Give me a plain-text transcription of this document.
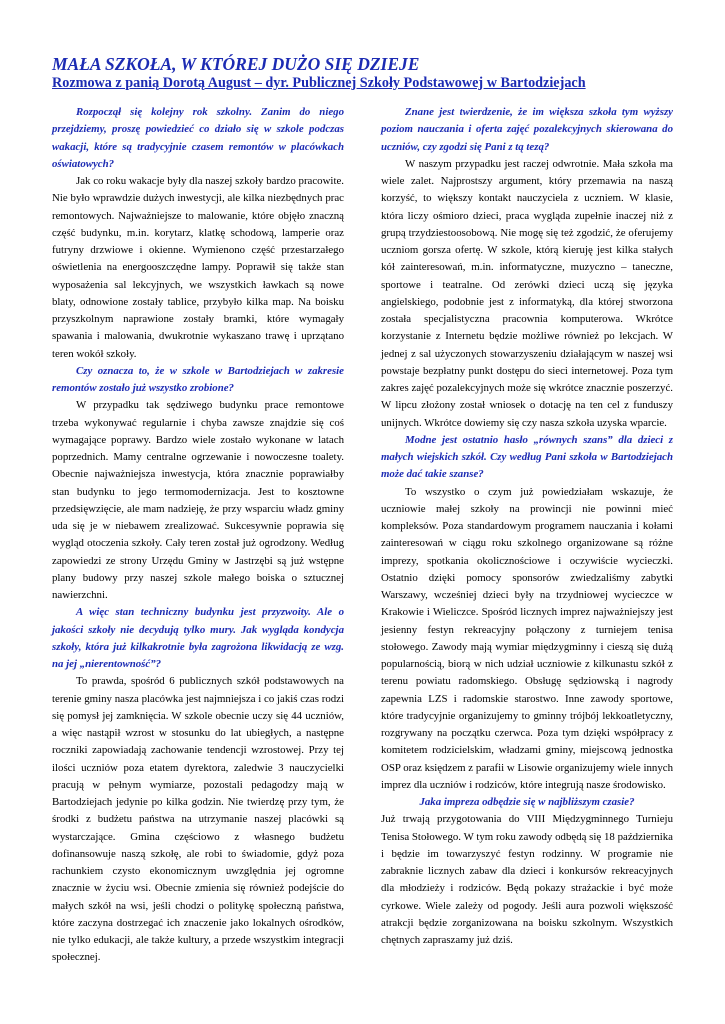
MAŁA SZKOŁA, W KTÓREJ DUŻO SIĘ DZIEJE
Rozmowa z panią Dorotą August – dyr. Publicznej Szkoły Podstawowej w Bartodziejach

Rozpoczął się kolejny rok szkolny. Zanim do niego przejdziemy, proszę powiedzieć co działo się w szkole podczas wakacji, które są tradycyjnie czasem remontów w placówkach oświatowych?

Jak co roku wakacje były dla naszej szkoły bardzo pracowite. Nie było wprawdzie dużych inwestycji, ale kilka niezbędnych prac remontowych. Najważniejsze to malowanie, które objęło znaczną część budynku, m.in. korytarz, klatkę schodową, lamperie oraz futryny drzwiowe i okienne. Wymienono część przestarzałego oświetlenia na energooszczędne lampy. Poprawił się także stan wyposażenia sal lekcyjnych, we wszystkich ławkach są nowe blaty, odnowione zostały tablice, przybyło kilka map. Na boisku przyszkolnym naprawione zostały bramki, które wymagały spawania i malowania, dwukrotnie wykaszano trawę i uprzątano teren wokół szkoły.

Czy oznacza to, że w szkole w Bartodziejach w zakresie remontów zostało już wszystko zrobione?

W przypadku tak sędziwego budynku prace remontowe trzeba wykonywać regularnie i chyba zawsze znajdzie się coś wymagające poprawy. Bardzo wiele zostało wykonane w latach poprzednich. Mamy centralne ogrzewanie i nowoczesne toalety. Obecnie najważniejsza inwestycja, która znacznie poprawiałby stan budynku to jego termomodernizacja. Jest to kosztowne przedsięwzięcie, ale mam nadzieję, że przy wsparciu władz gminy uda się je w niebawem zrealizować. Sukcesywnie poprawia się wygląd otoczenia szkoły. Cały teren został już ogrodzony. Według zapowiedzi ze strony Urzędu Gminy w Jastrzębi są już wstępne plany budowy przy naszej szkole małego boiska o sztucznej nawierzchni.

A więc stan techniczny budynku jest przyzwoity. Ale o jakości szkoły nie decydują tylko mury. Jak wygląda kondycja szkoły, która już kilkakrotnie była zagrożona likwidacją ze wzg. na jej „nierentowność”?

To prawda, spośród 6 publicznych szkół podstawowych na terenie gminy nasza placówka jest najmniejsza i co jakiś czas rodzi się pomysł jej zamknięcia. W szkole obecnie uczy się 44 uczniów, a więc nastąpił wzrost w stosunku do lat ubiegłych, a następne roczniki zapowiadają zachowanie tendencji wzrostowej. Przy tej ilości uczniów poza etatem dyrektora, zaledwie 3 nauczycielki pracują w pełnym wymiarze, pozostali pedagodzy mają w Bartodziejach jedynie po kilka godzin. Nie twierdzę przy tym, że środki z budżetu państwa na utrzymanie naszej placówki są wystarczające. Gmina częściowo z własnego budżetu dofinansowuje naszą szkołę, ale robi to świadomie, gdyż poza rachunkiem czysto ekonomicznym uwzględnia jej ogromne znacznie w życiu wsi. Obecnie zmienia się również podejście do małych szkół na wsi, jeśli chodzi o politykę społeczną państwa, które zaczyna dostrzegać ich znaczenie jako lokalnych ośrodków, nie tylko edukacji, ale także kultury, a przede wszystkim integracji społecznej.

Znane jest twierdzenie, że im większa szkoła tym wyższy poziom nauczania i oferta zajęć pozalekcyjnych skierowana do uczniów, czy zgodzi się Pani z tą tezą?

W naszym przypadku jest raczej odwrotnie. Mała szkoła ma wiele zalet. Najprostszy argument, który przemawia na naszą korzyść, to większy kontakt nauczyciela z uczniem. W klasie, która liczy ośmioro dzieci, praca wygląda zupełnie inaczej niż z grupą trzydziestoosobową. Nie mogę się też zgodzić, że oferujemy uczniom gorsza ofertę. W szkole, którą kieruję jest kilka stałych kół zainteresowań, m.in. informatyczne, muzyczno – taneczne, sportowe i teatralne. Od zerówki dzieci uczą się języka angielskiego, podobnie jest z informatyką, dla której stworzona została specjalistyczna pracownia komputerowa. Wkrótce korzystanie z Internetu będzie możliwe również po lekcjach. W jednej z sal użyczonych stowarzyszeniu działającym w naszej wsi powstaje bezpłatny punkt dostępu do sieci internetowej. Poza tym zakres zajęć pozalekcyjnych może się wkrótce znacznie poszerzyć. W lipcu złożony został wniosek o dotację na ten cel z funduszy unijnych. Wkrótce dowiemy się czy nasza szkoła uzyska wparcie.

Modne jest ostatnio hasło „równych szans” dla dzieci z małych wiejskich szkół. Czy według Pani szkoła w Bartodziejach może dać takie szanse?

To wszystko o czym już powiedziałam wskazuje, że uczniowie małej szkoły na prowincji nie powinni mieć kompleksów. Poza standardowym programem nauczania i kołami zainteresowań w ciągu roku szkolnego organizowane są różne imprezy, spotkania okolicznościowe i oczywiście wycieczki. Ostatnio dzięki pomocy sponsorów zwiedzaliśmy zabytki Warszawy, wcześniej dzieci były na trzydniowej wycieczce w Krakowie i Wieliczce. Spośród licznych imprez najważniejszy jest jesienny festyn rekreacyjny połączony z turniejem tenisa stołowego. Zawody mają wymiar międzygminny i cieszą się dużą popularnością, biorą w nich udział uczniowie z kilkunastu szkół z terenu powiatu radomskiego. Obsługę sędziowską i nagrody zapewnia LZS i radomskie starostwo. Inne zawody sportowe, które tradycyjnie organizujemy to gminny trójbój lekkoatletyczny, rozgrywany na początku czerwca. Poza tym dzięki współpracy z komitetem rodzicielskim, władzami gminy, miejscową jednostka OSP oraz księdzem z parafii w Lisowie organizujemy wiele innych imprez dla uczniów i rodziców, które integrują nasze środowisko.

Jaka impreza odbędzie się w najbliższym czasie?

Już trwają przygotowania do VIII Międzygminnego Turnieju Tenisa Stołowego. W tym roku zawody odbędą się 18 października i będzie im towarzyszyć festyn rodzinny. W programie nie zabraknie licznych zabaw dla dzieci i konkursów rekreacyjnych dla młodzieży i rodziców. Będą pokazy strażackie i być może cyrkowe. Wiele zależy od pogody. Jeśli aura pozwoli większość atrakcji będzie zorganizowana na boisku szkolnym. Wszystkich chętnych zapraszamy już dziś.
